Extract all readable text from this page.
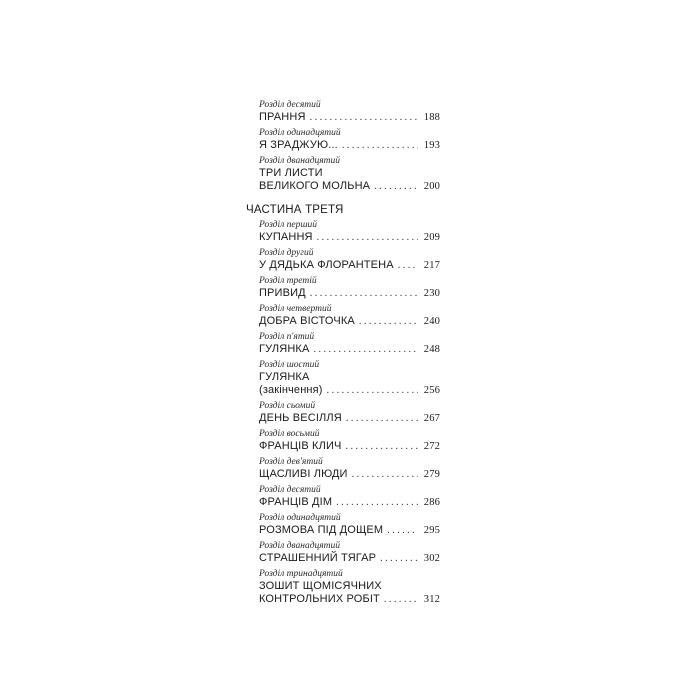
Розділ десятий
ПРАННЯ . . .	188
Розділ одинадцятий
Я ЗРАДЖУЮ... . . .	193
Розділ дванадцятий
ТРИ ЛИСТИ
ВЕЛИКОГО МОЛЬНА . . .	200
ЧАСТИНА ТРЕТЯ
Розділ перший
КУПАННЯ . . .	209
Розділ другий
У ДЯДЬКА ФЛОРАНТЕНА . . .	217
Розділ третій
ПРИВИД . . .	230
Розділ четвертий
ДОБРА ВІСТОЧКА . . .	240
Розділ п'ятий
ГУЛЯНКА . . .	248
Розділ шостий
ГУЛЯНКА
(закінчення) . . .	256
Розділ сьомий
ДЕНЬ ВЕСІЛЛЯ . . .	267
Розділ восьмий
ФРАНЦІВ КЛИЧ . . .	272
Розділ дев'ятий
ЩАСЛИВІ ЛЮДИ . . .	279
Розділ десятий
ФРАНЦІВ ДІМ . . .	286
Розділ одинадцятий
РОЗМОВА ПІД ДОЩЕМ . . .	295
Розділ дванадцятий
СТРАШЕННИЙ ТЯГАР . . .	302
Розділ тринадцятий
ЗОШИТ ЩОМІСЯЧНИХ
КОНТРОЛЬНИХ РОБІТ . . .	312
